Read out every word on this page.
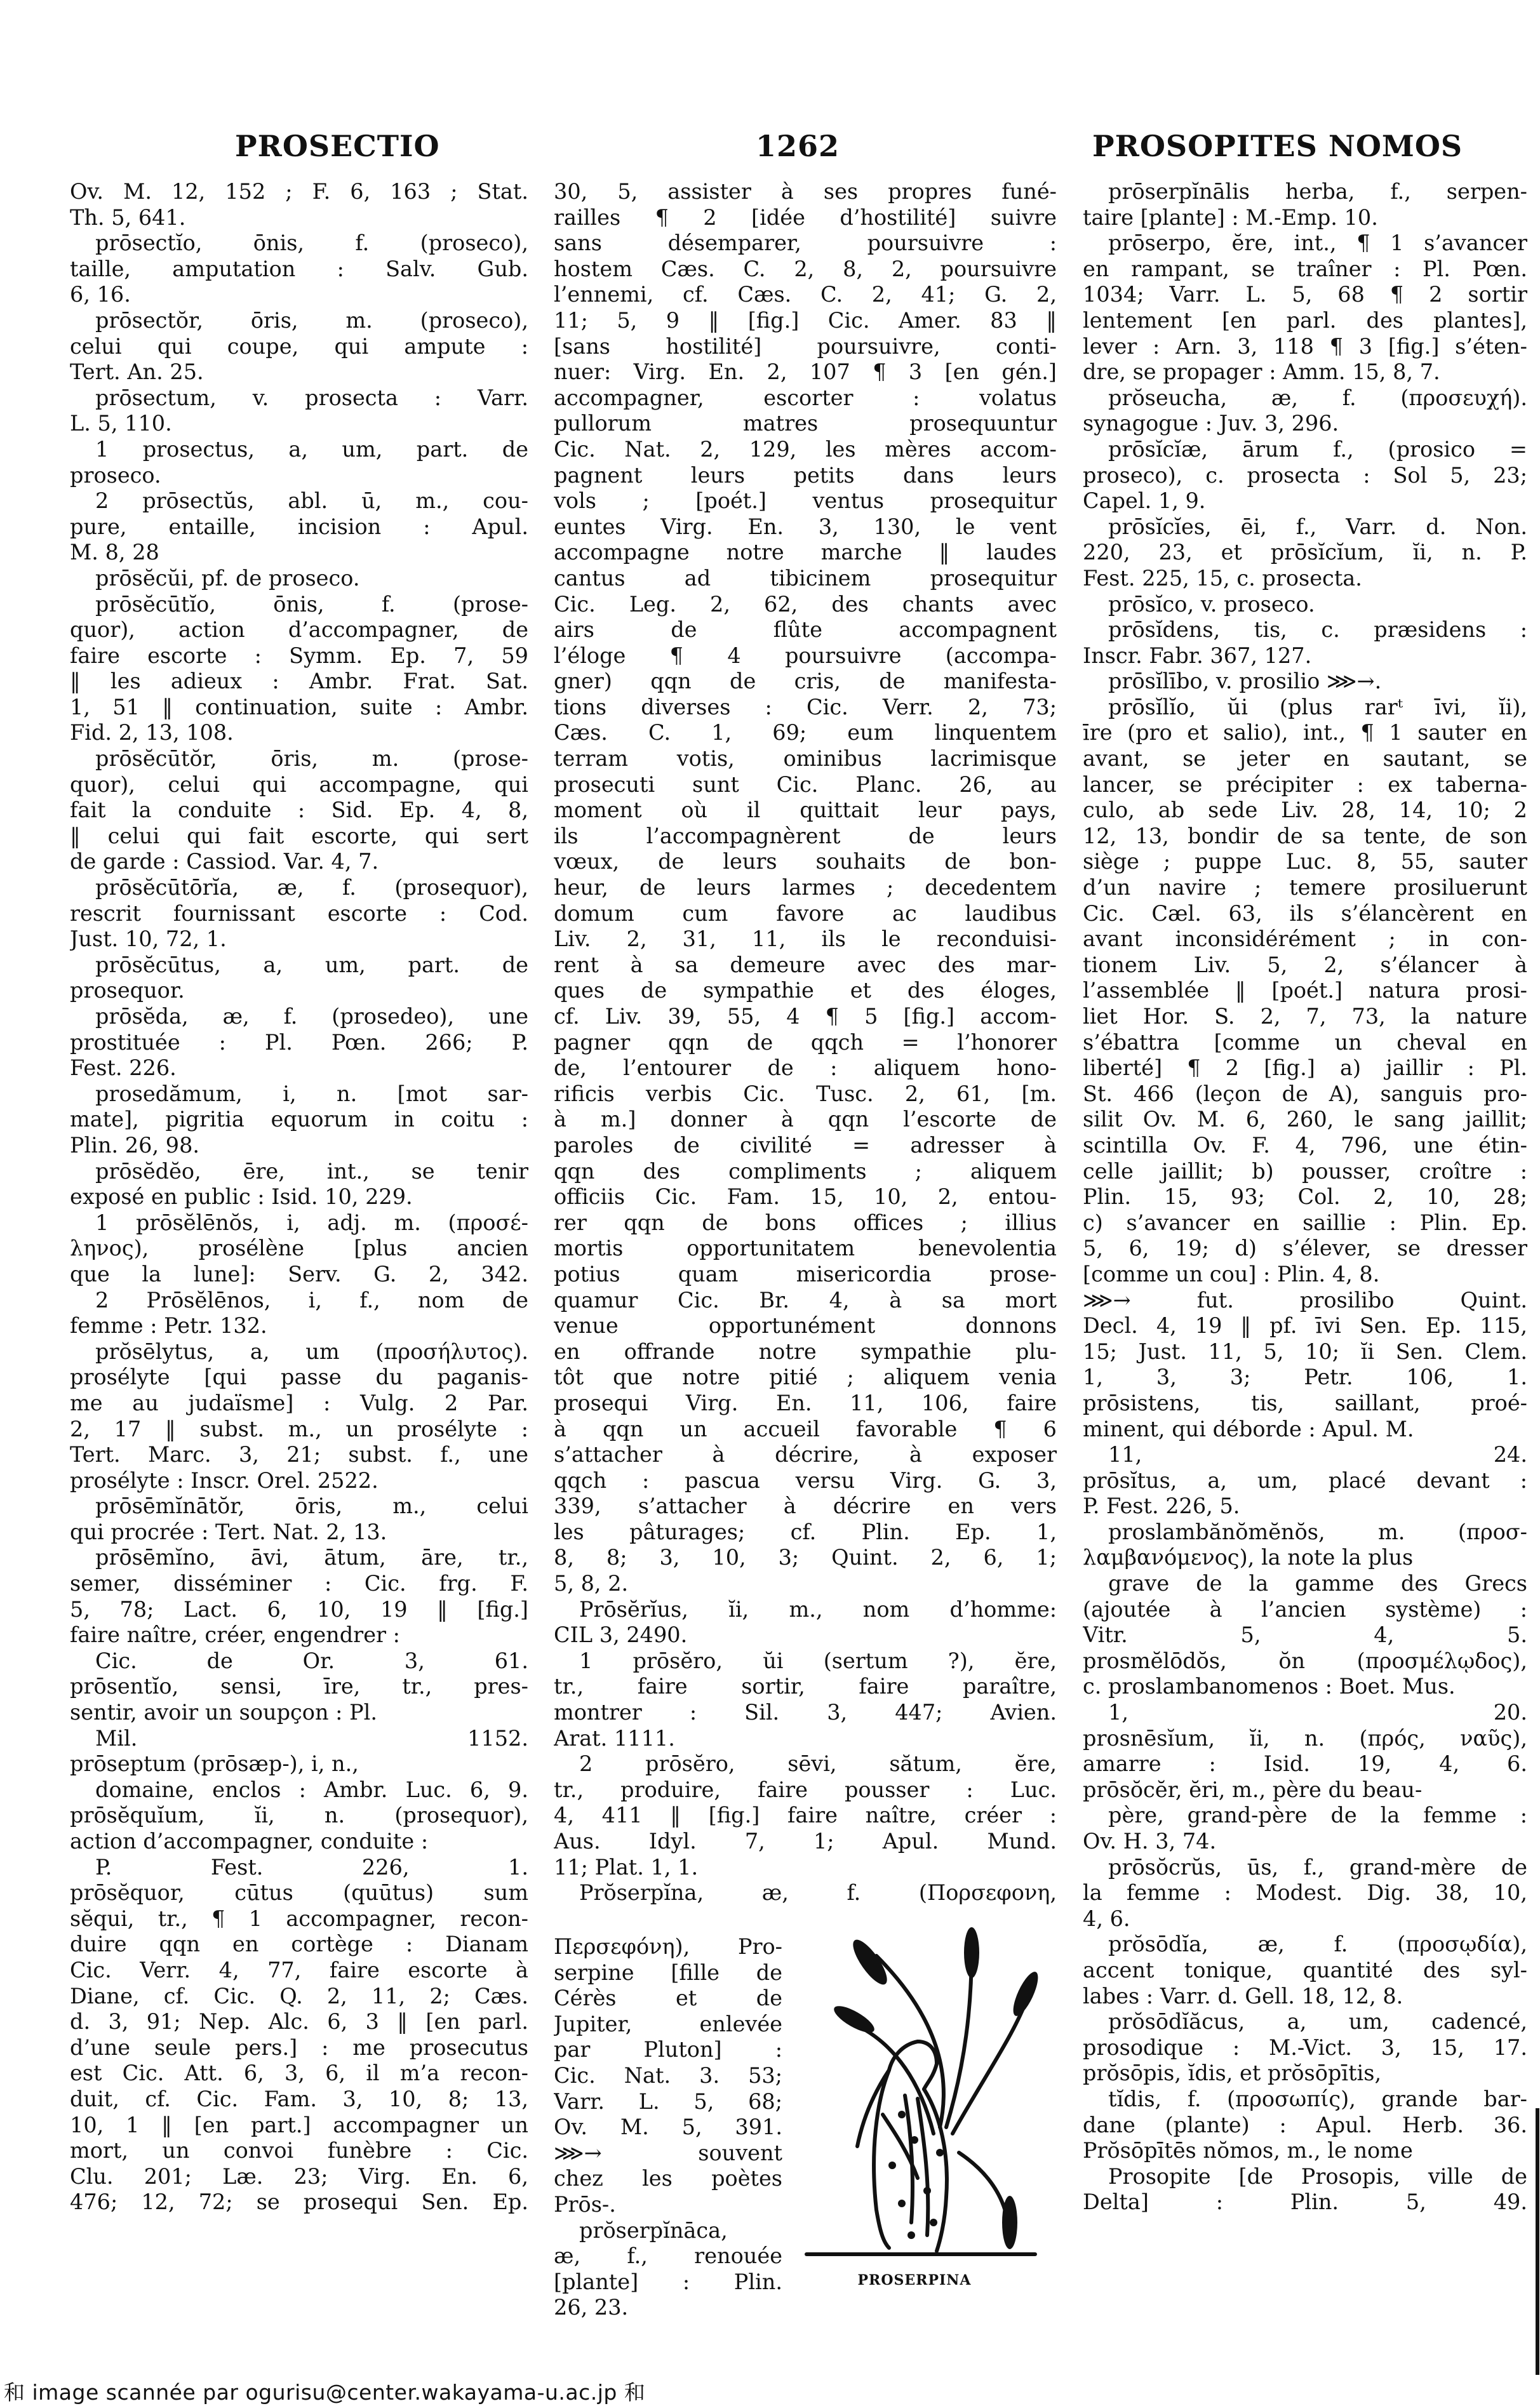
PROSECTIO	1262	PROSOPITES NOMOS
Ov. M. 12, 152 ; F. 6, 163 ; Stat.
Th. 5, 641.
prōsectĭo, ōnis, f. (proseco),
taille, amputation : Salv. Gub.
6, 16.
prōsectŏr, ōris, m. (proseco),
celui qui coupe, qui ampute :
Tert. An. 25.
prōsectum, v. prosecta : Varr.
L. 5, 110.
1 prosectus, a, um, part. de
proseco.
2 prōsectŭs, abl. ū, m., cou-
pure, entaille, incision : Apul.
M. 8, 28
prōsĕcŭi, pf. de proseco.
prōsĕcūtĭo, ōnis, f. (prose-
quor), action d’accompagner, de
faire escorte : Symm. Ep. 7, 59
‖ les adieux : Ambr. Frat. Sat.
1, 51 ‖ continuation, suite : Ambr.
Fid. 2, 13, 108.
prōsĕcūtŏr, ōris, m. (prose-
quor), celui qui accompagne, qui
fait la conduite : Sid. Ep. 4, 8,
‖ celui qui fait escorte, qui sert
de garde : Cassiod. Var. 4, 7.
prōsĕcūtōrĭa, æ, f. (prosequor),
rescrit fournissant escorte : Cod.
Just. 10, 72, 1.
prōsĕcūtus, a, um, part. de
prosequor.
prōsĕda, æ, f. (prosedeo), une
prostituée : Pl. Pœn. 266; P.
Fest. 226.
prosedămum, i, n. [mot sar-
mate], pigritia equorum in coitu :
Plin. 26, 98.
prōsĕdĕo, ēre, int., se tenir
exposé en public : Isid. 10, 229.
1 prōsĕlēnŏs, i, adj. m. (προσέ-
ληνος), prosélène [plus ancien
que la lune]: Serv. G. 2, 342.
2 Prōsĕlēnos, i, f., nom de
femme : Petr. 132.
prŏsēlytus, a, um (προσήλυτος).
prosélyte [qui passe du paganis-
me au judaïsme] : Vulg. 2 Par.
2, 17 ‖ subst. m., un prosélyte :
Tert. Marc. 3, 21; subst. f., une
prosélyte : Inscr. Orel. 2522.
prōsēmĭnātŏr, ōris, m., celui
qui procrée : Tert. Nat. 2, 13.
prōsēmĭno, āvi, ātum, āre, tr.,
semer, disséminer : Cic. frg. F.
5, 78; Lact. 6, 10, 19 ‖ [fig.]
faire naître, créer, engendrer :
Cic. de Or. 3, 61.
prōsentĭo, sensi, īre, tr., pres-
sentir, avoir un soupçon : Pl.
Mil. 1152.
prōseptum (prōsæp-), i, n.,
domaine, enclos : Ambr. Luc. 6, 9.
prōsĕquĭum, ĭi, n. (prosequor),
action d’accompagner, conduite :
P. Fest. 226, 1.
prōsĕquor, cūtus (quūtus) sum
sĕqui, tr., ¶ 1 accompagner, recon-
duire qqn en cortège : Dianam
Cic. Verr. 4, 77, faire escorte à
Diane, cf. Cic. Q. 2, 11, 2; Cæs.
d. 3, 91; Nep. Alc. 6, 3 ‖ [en parl.
d’une seule pers.] : me prosecutus
est Cic. Att. 6, 3, 6, il m’a recon-
duit, cf. Cic. Fam. 3, 10, 8; 13,
10, 1 ‖ [en part.] accompagner un
mort, un convoi funèbre : Cic.
Clu. 201; Læ. 23; Virg. En. 6,
476; 12, 72; se prosequi Sen. Ep.
30, 5, assister à ses propres funé-
railles ¶ 2 [idée d’hostilité] suivre
sans désemparer, poursuivre :
hostem Cæs. C. 2, 8, 2, poursuivre
l’ennemi, cf. Cæs. C. 2, 41; G. 2,
11; 5, 9 ‖ [fig.] Cic. Amer. 83 ‖
[sans hostilité] poursuivre, conti-
nuer: Virg. En. 2, 107 ¶ 3 [en gén.]
accompagner, escorter : volatus
pullorum matres prosequuntur
Cic. Nat. 2, 129, les mères accom-
pagnent leurs petits dans leurs
vols ; [poét.] ventus prosequitur
euntes Virg. En. 3, 130, le vent
accompagne notre marche ‖ laudes
cantus ad tibicinem prosequitur
Cic. Leg. 2, 62, des chants avec
airs de flûte accompagnent
l’éloge ¶ 4 poursuivre (accompa-
gner) qqn de cris, de manifesta-
tions diverses : Cic. Verr. 2, 73;
Cæs. C. 1, 69; eum linquentem
terram votis, ominibus lacrimisque
prosecuti sunt Cic. Planc. 26, au
moment où il quittait leur pays,
ils l’accompagnèrent de leurs
vœux, de leurs souhaits de bon-
heur, de leurs larmes ; decedentem
domum cum favore ac laudibus
Liv. 2, 31, 11, ils le reconduisi-
rent à sa demeure avec des mar-
ques de sympathie et des éloges,
cf. Liv. 39, 55, 4 ¶ 5 [fig.] accom-
pagner qqn de qqch = l’honorer
de, l’entourer de : aliquem hono-
rificis verbis Cic. Tusc. 2, 61, [m.
à m.] donner à qqn l’escorte de
paroles de civilité = adresser à
qqn des compliments ; aliquem
officiis Cic. Fam. 15, 10, 2, entou-
rer qqn de bons offices ; illius
mortis opportunitatem benevolentia
potius quam misericordia prose-
quamur Cic. Br. 4, à sa mort
venue opportunément donnons
en offrande notre sympathie plu-
tôt que notre pitié ; aliquem venia
prosequi Virg. En. 11, 106, faire
à qqn un accueil favorable ¶ 6
s’attacher à décrire, à exposer
qqch : pascua versu Virg. G. 3,
339, s’attacher à décrire en vers
les pâturages; cf. Plin. Ep. 1,
8, 8; 3, 10, 3; Quint. 2, 6, 1;
5, 8, 2.
Prōsĕrĭus, ĭi, m., nom d’homme:
CIL 3, 2490.
1 prōsĕro, ŭi (sertum ?), ĕre,
tr., faire sortir, faire paraître,
montrer : Sil. 3, 447; Avien.
Arat. 1111.
2 prōsĕro, sēvi, sătum, ĕre,
tr., produire, faire pousser : Luc.
4, 411 ‖ [fig.] faire naître, créer :
Aus. Idyl. 7, 1; Apul. Mund.
11; Plat. 1, 1.
Prŏserpĭna, æ, f. (Πορσεφονη,
Περσεφόνη), Pro-
serpine [fille de
Cérès et de
Jupiter, enlevée
par Pluton] :
Cic. Nat. 3. 53;
Varr. L. 5, 68;
Ov. M. 5, 391.
⋙→ souvent
chez les poètes
Prōs-.
prŏserpĭnāca,
æ, f., renouée
[plante] : Plin.
26, 23.
prōserpĭnālis herba, f., serpen-
taire [plante] : M.-Emp. 10.
prōserpo, ĕre, int., ¶ 1 s’avancer
en rampant, se traîner : Pl. Pœn.
1034; Varr. L. 5, 68 ¶ 2 sortir
lentement [en parl. des plantes],
lever : Arn. 3, 118 ¶ 3 [fig.] s’éten-
dre, se propager : Amm. 15, 8, 7.
prŏseucha, æ, f. (προσευχή).
synagogue : Juv. 3, 296.
prōsĭcĭæ, ārum f., (prosico =
proseco), c. prosecta : Sol 5, 23;
Capel. 1, 9.
prōsĭcĭes, ēi, f., Varr. d. Non.
220, 23, et prōsĭcĭum, ĭi, n. P.
Fest. 225, 15, c. prosecta.
prōsĭco, v. proseco.
prōsĭdens, tis, c. præsidens :
Inscr. Fabr. 367, 127.
prōsĭlībo, v. prosilio ⋙→.
prōsĭlĭo, ŭi (plus rarᵗ īvi, ĭi),
īre (pro et salio), int., ¶ 1 sauter en
avant, se jeter en sautant, se
lancer, se précipiter : ex taberna-
culo, ab sede Liv. 28, 14, 10; 2
12, 13, bondir de sa tente, de son
siège ; puppe Luc. 8, 55, sauter
d’un navire ; temere prosiluerunt
Cic. Cæl. 63, ils s’élancèrent en
avant inconsidérément ; in con-
tionem Liv. 5, 2, s’élancer à
l’assemblée ‖ [poét.] natura prosi-
liet Hor. S. 2, 7, 73, la nature
s’ébattra [comme un cheval en
liberté] ¶ 2 [fig.] a) jaillir : Pl.
St. 466 (leçon de A), sanguis pro-
silit Ov. M. 6, 260, le sang jaillit;
scintilla Ov. F. 4, 796, une étin-
celle jaillit; b) pousser, croître :
Plin. 15, 93; Col. 2, 10, 28;
c) s’avancer en saillie : Plin. Ep.
5, 6, 19; d) s’élever, se dresser
[comme un cou] : Plin. 4, 8.
⋙→ fut. prosilibo Quint.
Decl. 4, 19 ‖ pf. īvi Sen. Ep. 115,
15; Just. 11, 5, 10; ĭi Sen. Clem.
1, 3, 3; Petr. 106, 1.
prōsistens, tis, saillant, proé-
minent, qui déborde : Apul. M.
11, 24.
prōsĭtus, a, um, placé devant :
P. Fest. 226, 5.
proslambănŏmĕnŏs, m. (προσ-
λαμβανόμενος), la note la plus
grave de la gamme des Grecs
(ajoutée à l’ancien système) :
Vitr. 5, 4, 5.
prosmĕlōdŏs, ŏn (προσμέλῳδος),
c. proslambanomenos : Boet. Mus.
1, 20.
prosnēsĭum, ĭi, n. (πρός, ναῦς),
amarre : Isid. 19, 4, 6.
prōsŏcĕr, ĕri, m., père du beau-
père, grand-père de la femme :
Ov. H. 3, 74.
prōsŏcrŭs, ūs, f., grand-mère de
la femme : Modest. Dig. 38, 10,
4, 6.
prŏsōdĭa, æ, f. (προσῳδία),
accent tonique, quantité des syl-
labes : Varr. d. Gell. 18, 12, 8.
prŏsōdĭăcus, a, um, cadencé,
prosodique : M.-Vict. 3, 15, 17.
prŏsōpis, ĭdis, et prŏsōpītis,
tĭdis, f. (προσωπίς), grande bar-
dane (plante) : Apul. Herb. 36.
Prŏsōpītēs nŏmos, m., le nome
Prosopite [de Prosopis, ville de
Delta] : Plin. 5, 49.
PROSERPINA
和 image scannée par ogurisu@center.wakayama-u.ac.jp 和
